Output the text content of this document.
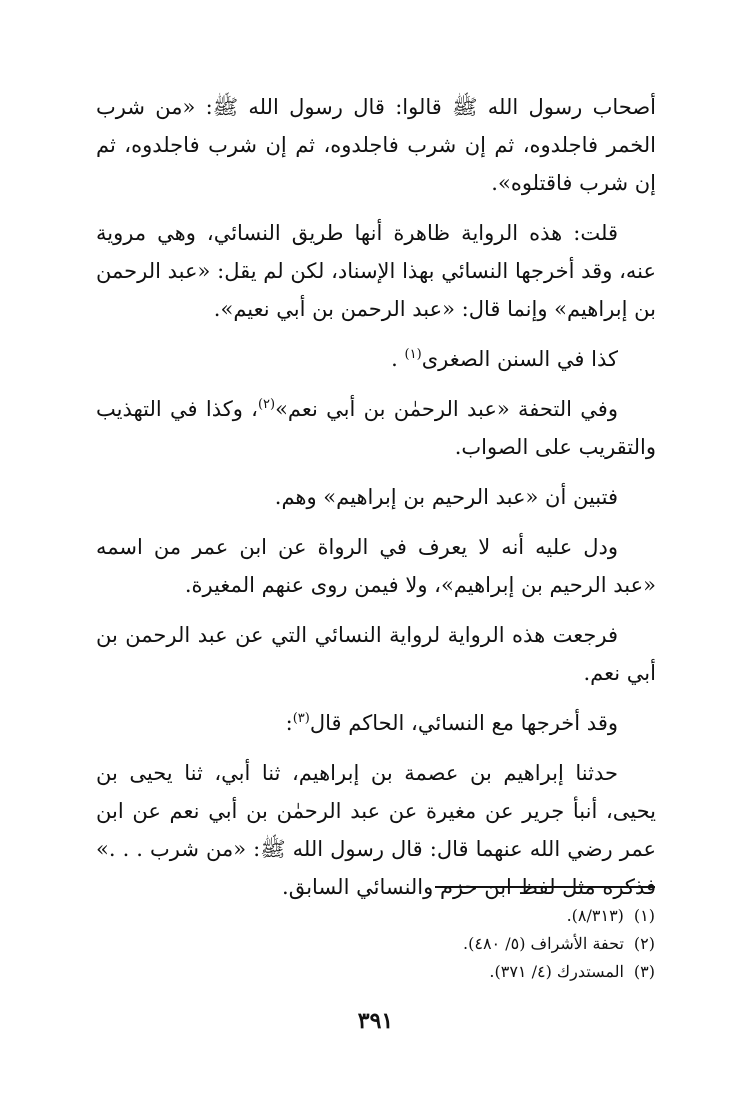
أصحاب رسول الله ﷺ قالوا: قال رسول الله ﷺ: «من شرب الخمر فاجلدوه، ثم إن شرب فاجلدوه، ثم إن شرب فاجلدوه، ثم إن شرب فاقتلوه».

قلت: هذه الرواية ظاهرة أنها طريق النسائي، وهي مروية عنه، وقد أخرجها النسائي بهذا الإسناد، لكن لم يقل: «عبد الرحمن بن إبراهيم» وإنما قال: «عبد الرحمن بن أبي نعيم».

كذا في السنن الصغرى$^{(١)}$ .

وفي التحفة «عبد الرحمٰن بن أبي نعم»$^{(٢)}$، وكذا في التهذيب والتقريب على الصواب.

فتبين أن «عبد الرحيم بن إبراهيم» وهم.

ودل عليه أنه لا يعرف في الرواة عن ابن عمر من اسمه «عبد الرحيم بن إبراهيم»، ولا فيمن روى عنهم المغيرة.

فرجعت هذه الرواية لرواية النسائي التي عن عبد الرحمن بن أبي نعم.

وقد أخرجها مع النسائي، الحاكم قال$^{(٣)}$:

حدثنا إبراهيم بن عصمة بن إبراهيم، ثنا أبي، ثنا يحيى بن يحيى، أنبأ جرير عن مغيرة عن عبد الرحمٰن بن أبي نعم عن ابن عمر رضي الله عنهما قال: قال رسول الله ﷺ: «من شرب . . .» فذكره مثل لفظ ابن حزم والنسائي السابق.

(١)(٨/٣١٣).

(٢)تحفة الأشراف (٥/ ٤٨٠).

(٣)المستدرك (٤/ ٣٧١).

٣٩١
